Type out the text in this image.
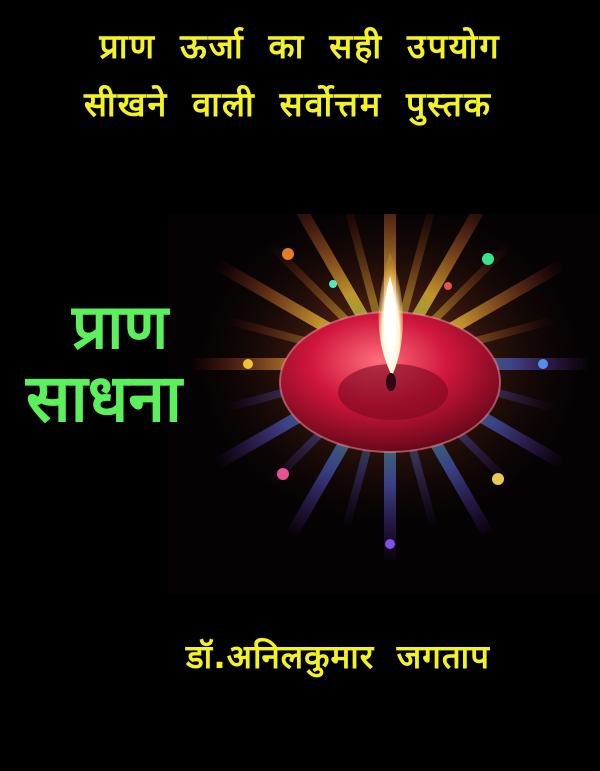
प्राण ऊर्जा का सही उपयोग
सीखने वाली सर्वोत्तम पुस्तक
प्राण
साधना
डॉ.अनिलकुमार जगताप
